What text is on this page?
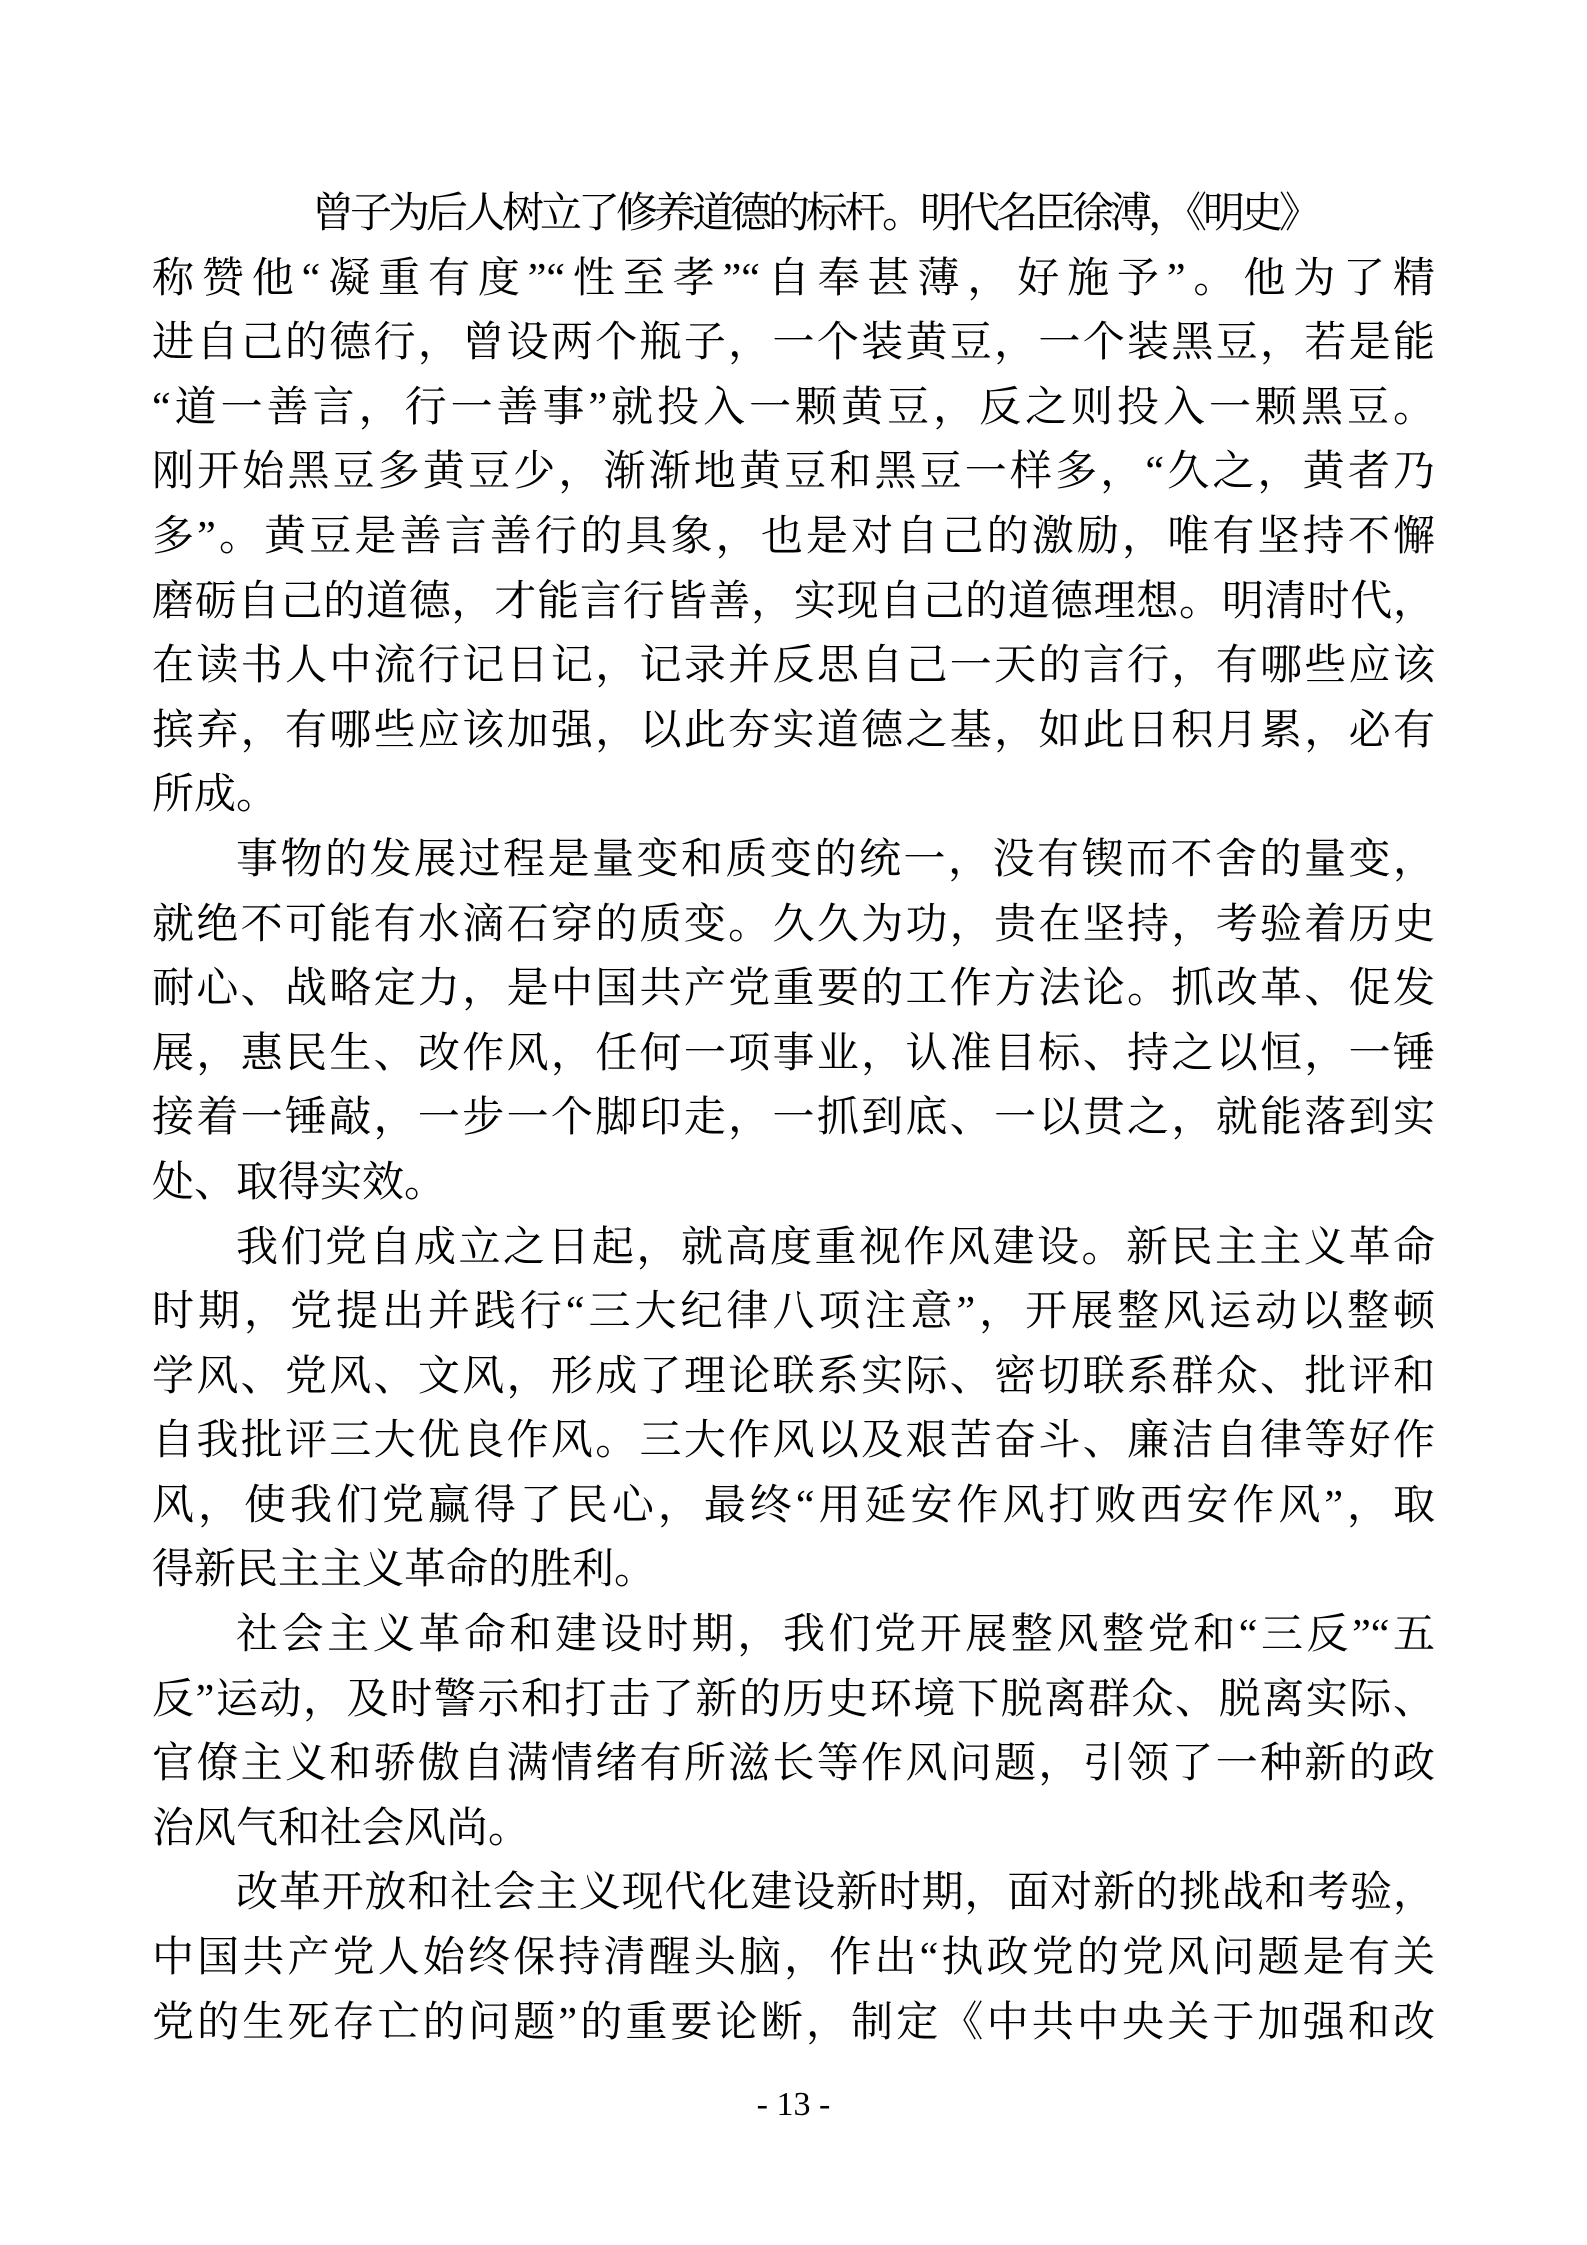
曾子为后人树立了修养道德的标杆。明代名臣徐溥，《明史》
称赞他“凝重有度”“性至孝”“自奉甚薄，好施予”。他为了精
进自己的德行，曾设两个瓶子，一个装黄豆，一个装黑豆，若是能
“道一善言，行一善事”就投入一颗黄豆，反之则投入一颗黑豆。
刚开始黑豆多黄豆少，渐渐地黄豆和黑豆一样多，“久之，黄者乃
多”。黄豆是善言善行的具象，也是对自己的激励，唯有坚持不懈
磨砺自己的道德，才能言行皆善，实现自己的道德理想。明清时代，
在读书人中流行记日记，记录并反思自己一天的言行，有哪些应该
摈弃，有哪些应该加强，以此夯实道德之基，如此日积月累，必有
所成。
事物的发展过程是量变和质变的统一，没有锲而不舍的量变，
就绝不可能有水滴石穿的质变。久久为功，贵在坚持，考验着历史
耐心、战略定力，是中国共产党重要的工作方法论。抓改革、促发
展，惠民生、改作风，任何一项事业，认准目标、持之以恒，一锤
接着一锤敲，一步一个脚印走，一抓到底、一以贯之，就能落到实
处、取得实效。
我们党自成立之日起，就高度重视作风建设。新民主主义革命
时期，党提出并践行“三大纪律八项注意”，开展整风运动以整顿
学风、党风、文风，形成了理论联系实际、密切联系群众、批评和
自我批评三大优良作风。三大作风以及艰苦奋斗、廉洁自律等好作
风，使我们党赢得了民心，最终“用延安作风打败西安作风”，取
得新民主主义革命的胜利。
社会主义革命和建设时期，我们党开展整风整党和“三反”“五
反”运动，及时警示和打击了新的历史环境下脱离群众、脱离实际、
官僚主义和骄傲自满情绪有所滋长等作风问题，引领了一种新的政
治风气和社会风尚。
改革开放和社会主义现代化建设新时期，面对新的挑战和考验，
中国共产党人始终保持清醒头脑，作出“执政党的党风问题是有关
党的生死存亡的问题”的重要论断，制定《中共中央关于加强和改
- 13 -
